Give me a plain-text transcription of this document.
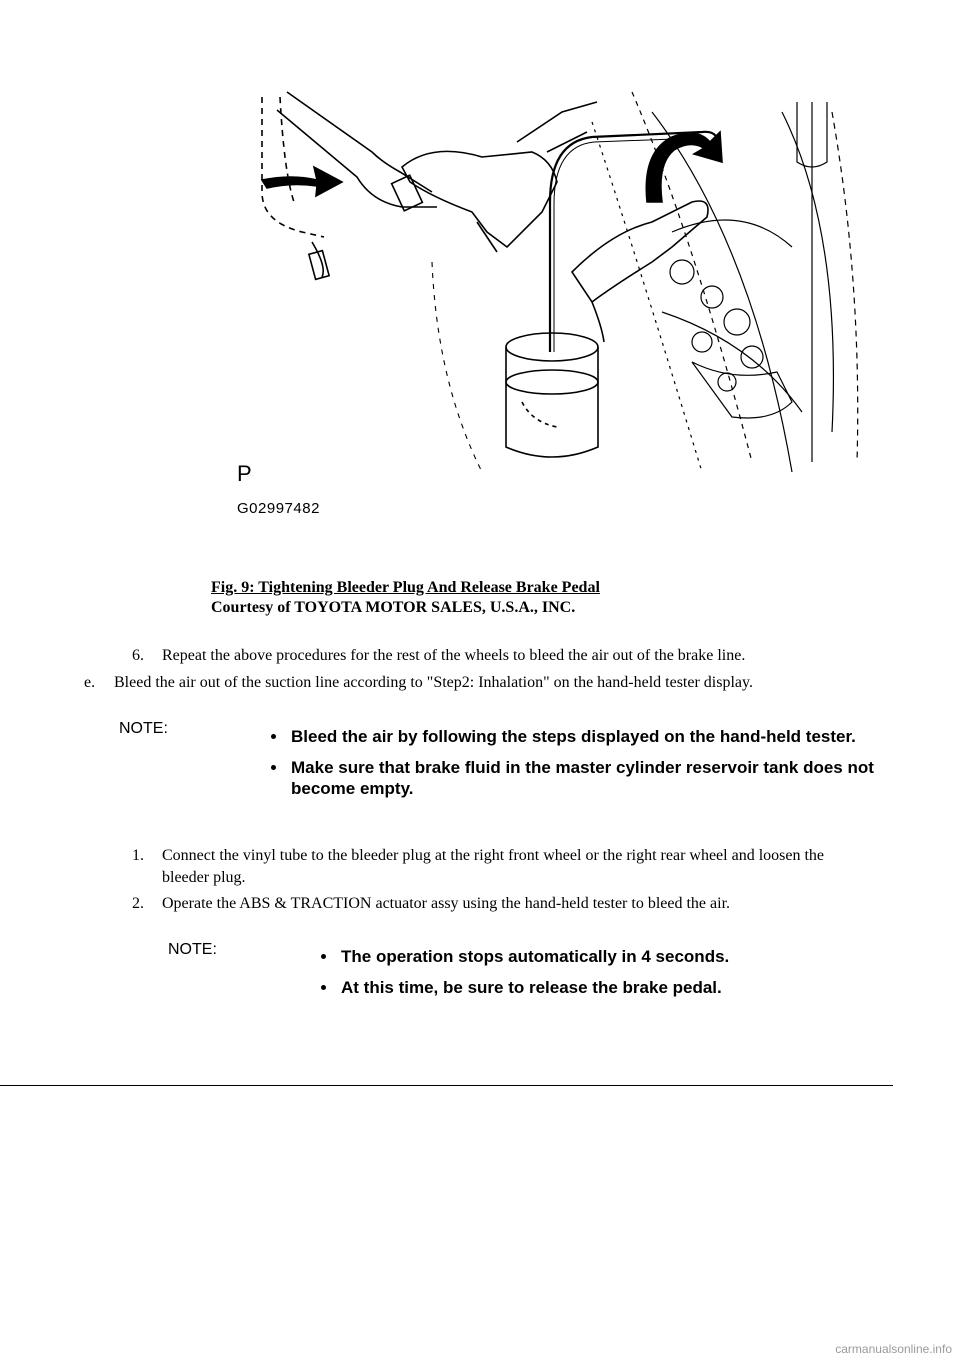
P
G02997482
Fig. 9: Tightening Bleeder Plug And Release Brake Pedal
Courtesy of TOYOTA MOTOR SALES, U.S.A., INC.
6. Repeat the above procedures for the rest of the wheels to bleed the air out of the brake line.
e. Bleed the air out of the suction line according to "Step2: Inhalation" on the hand-held tester display.
NOTE:	Bleed the air by following the steps displayed on the hand-held tester.
Make sure that brake fluid in the master cylinder reservoir tank does not become empty.
1. Connect the vinyl tube to the bleeder plug at the right front wheel or the right rear wheel and loosen the bleeder plug.
2. Operate the ABS & TRACTION actuator assy using the hand-held tester to bleed the air.
NOTE:	The operation stops automatically in 4 seconds.
At this time, be sure to release the brake pedal.
carmanualsonline.info
